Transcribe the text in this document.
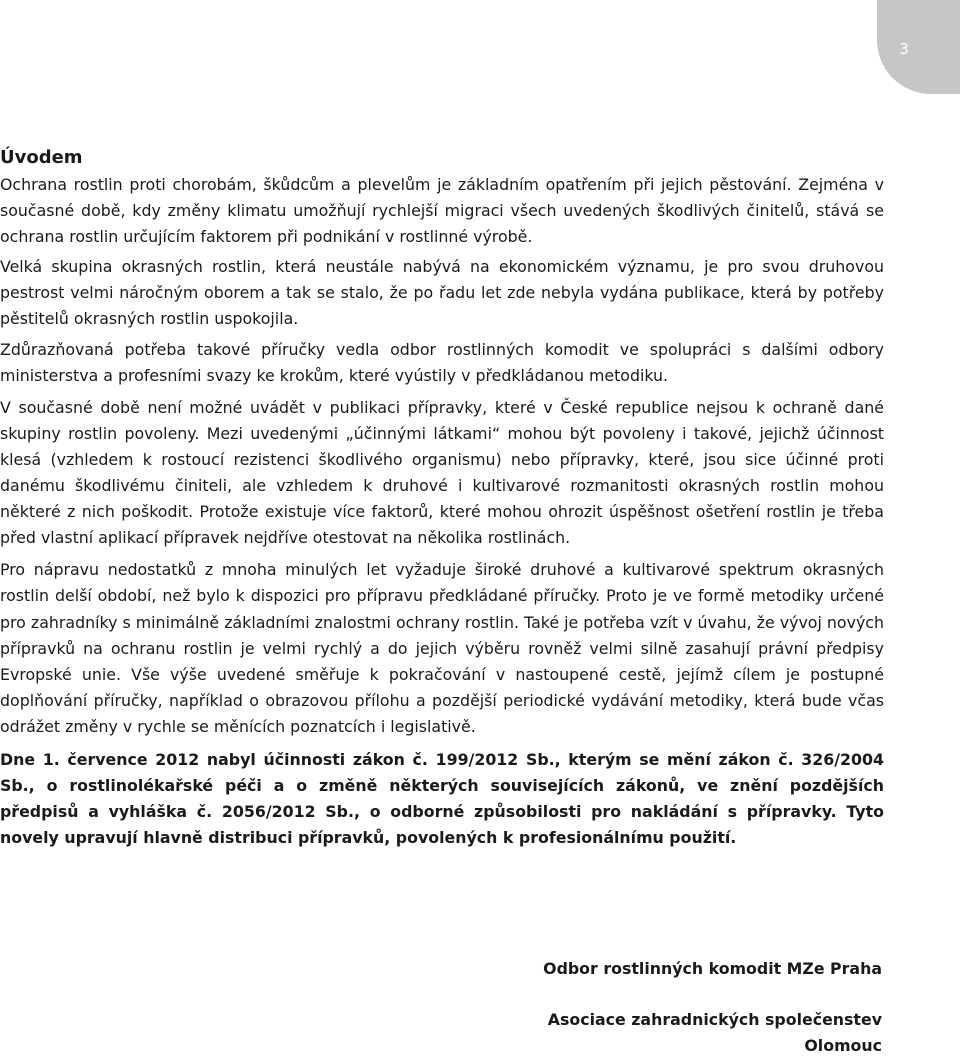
3
Úvodem

Ochrana rostlin proti chorobám, škůdcům a plevelům je základním opatřením při jejich pěstování. Zejména v současné době, kdy změny klimatu umožňují rychlejší migraci všech uvedených škodlivých činitelů, stává se ochrana rostlin určujícím faktorem při podnikání v rostlinné výrobě.

Velká skupina okrasných rostlin, která neustále nabývá na ekonomickém významu, je pro svou druhovou pestrost velmi náročným oborem a tak se stalo, že po řadu let zde nebyla vydána publikace, která by potřeby pěstitelů okrasných rostlin uspokojila.

Zdůrazňovaná potřeba takové příručky vedla odbor rostlinných komodit ve spolupráci s dalšími odbory ministerstva a profesními svazy ke krokům, které vyústily v předkládanou metodiku.

V současné době není možné uvádět v publikaci přípravky, které v České republice nejsou k ochraně dané skupiny rostlin povoleny. Mezi uvedenými „účinnými látkami“ mohou být povoleny i takové, jejichž účinnost klesá (vzhledem k rostoucí rezistenci škodlivého organismu) nebo přípravky, které, jsou sice účinné proti danému škodlivému činiteli, ale vzhledem k druhové i kultivarové rozmanitosti okrasných rostlin mohou některé z nich poškodit. Protože existuje více faktorů, které mohou ohrozit úspěšnost ošetření rostlin je třeba před vlastní aplikací přípravek nejdříve otestovat na několika rostlinách.

Pro nápravu nedostatků z mnoha minulých let vyžaduje široké druhové a kultivarové spektrum okrasných rostlin delší období, než bylo k dispozici pro přípravu předkládané příručky. Proto je ve formě metodiky určené pro zahradníky s minimálně základními znalostmi ochrany rostlin. Také je potřeba vzít v úvahu, že vývoj nových přípravků na ochranu rostlin je velmi rychlý a do jejich výběru rovněž velmi silně zasahují právní předpisy Evropské unie. Vše výše uvedené směřuje k pokračování v nastoupené cestě, jejímž cílem je postupné doplňování příručky, například o obrazovou přílohu a pozdější periodické vydávání metodiky, která bude včas odrážet změny v rychle se měnících poznatcích i legislativě.

Dne 1. července 2012 nabyl účinnosti zákon č. 199/2012 Sb., kterým se mění zákon č. 326/2004 Sb., o rostlinolékařské péči a o změně některých souvisejících zákonů, ve znění pozdějších předpisů a vyhláška č. 2056/2012 Sb., o odborné způsobilosti pro nakládání s přípravky. Tyto novely upravují hlavně distribuci přípravků, povolených k profesionálnímu použití.

Odbor rostlinných komodit MZe Praha

Asociace zahradnických společenstev
Olomouc
